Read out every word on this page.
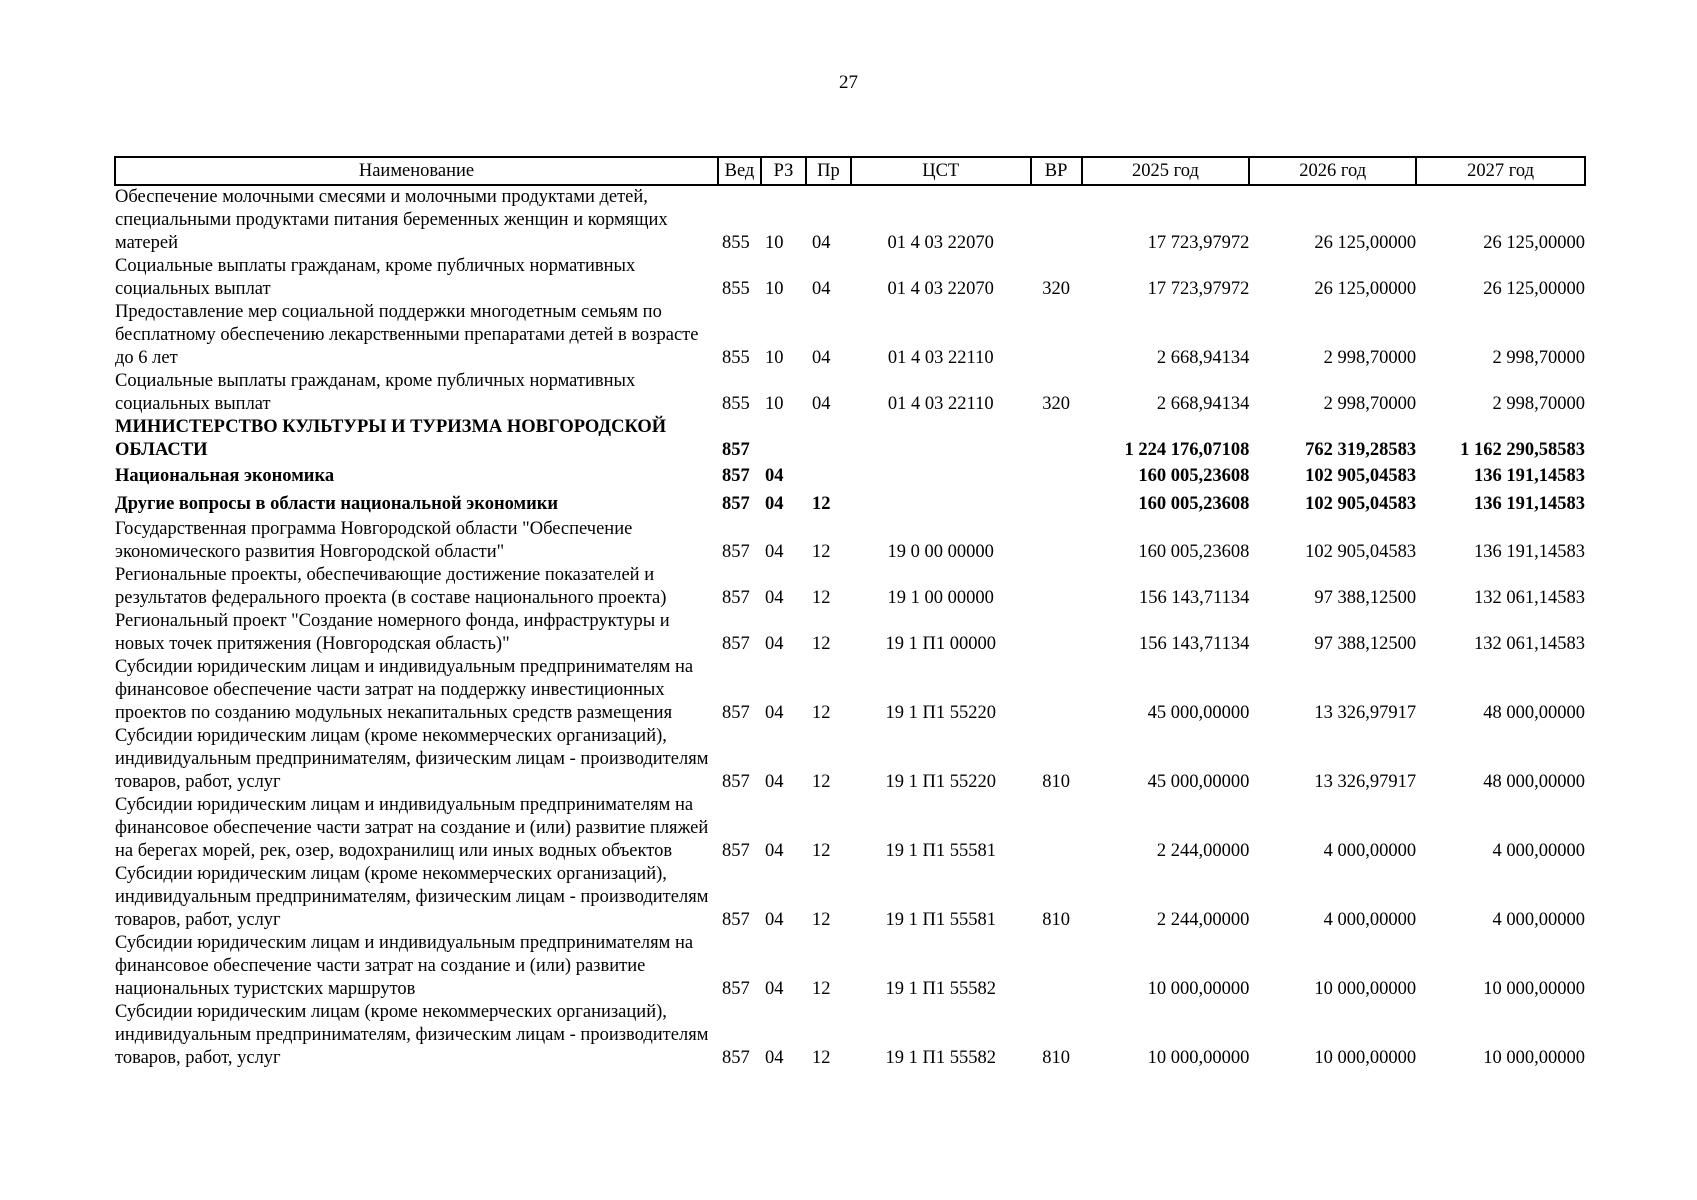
27
Наименование	Вед	РЗ	Пр	ЦСТ	ВР	2025 год	2026 год	2027 год
Обеспечение молочными смесями и молочными продуктами детей, специальными продуктами питания беременных женщин и кормящих матерей	855	10	04	01 4 03 22070		17 723,97972	26 125,00000	26 125,00000
Социальные выплаты гражданам, кроме публичных нормативных социальных выплат	855	10	04	01 4 03 22070	320	17 723,97972	26 125,00000	26 125,00000
Предоставление мер социальной поддержки многодетным семьям по бесплатному обеспечению лекарственными препаратами детей в возрасте до 6 лет	855	10	04	01 4 03 22110		2 668,94134	2 998,70000	2 998,70000
Социальные выплаты гражданам, кроме публичных нормативных социальных выплат	855	10	04	01 4 03 22110	320	2 668,94134	2 998,70000	2 998,70000
МИНИСТЕРСТВО КУЛЬТУРЫ И ТУРИЗМА НОВГОРОДСКОЙ ОБЛАСТИ	857					1 224 176,07108	762 319,28583	1 162 290,58583
Национальная экономика	857	04				160 005,23608	102 905,04583	136 191,14583
Другие вопросы в области национальной экономики	857	04	12			160 005,23608	102 905,04583	136 191,14583
Государственная программа Новгородской области "Обеспечение экономического развития Новгородской области"	857	04	12	19 0 00 00000		160 005,23608	102 905,04583	136 191,14583
Региональные проекты, обеспечивающие достижение показателей и результатов федерального проекта (в составе национального проекта)	857	04	12	19 1 00 00000		156 143,71134	97 388,12500	132 061,14583
Региональный проект "Создание номерного фонда, инфраструктуры и новых точек притяжения (Новгородская область)"	857	04	12	19 1 П1 00000		156 143,71134	97 388,12500	132 061,14583
Субсидии юридическим лицам и индивидуальным предпринимателям на финансовое обеспечение части затрат на поддержку инвестиционных проектов по созданию модульных некапитальных средств размещения	857	04	12	19 1 П1 55220		45 000,00000	13 326,97917	48 000,00000
Субсидии юридическим лицам (кроме некоммерческих организаций), индивидуальным предпринимателям, физическим лицам - производителям товаров, работ, услуг	857	04	12	19 1 П1 55220	810	45 000,00000	13 326,97917	48 000,00000
Субсидии юридическим лицам и индивидуальным предпринимателям на финансовое обеспечение части затрат на создание и (или) развитие пляжей на берегах морей, рек, озер, водохранилищ или иных водных объектов	857	04	12	19 1 П1 55581		2 244,00000	4 000,00000	4 000,00000
Субсидии юридическим лицам (кроме некоммерческих организаций), индивидуальным предпринимателям, физическим лицам - производителям товаров, работ, услуг	857	04	12	19 1 П1 55581	810	2 244,00000	4 000,00000	4 000,00000
Субсидии юридическим лицам и индивидуальным предпринимателям на финансовое обеспечение части затрат на создание и (или) развитие национальных туристских маршрутов	857	04	12	19 1 П1 55582		10 000,00000	10 000,00000	10 000,00000
Субсидии юридическим лицам (кроме некоммерческих организаций), индивидуальным предпринимателям, физическим лицам - производителям товаров, работ, услуг	857	04	12	19 1 П1 55582	810	10 000,00000	10 000,00000	10 000,00000
